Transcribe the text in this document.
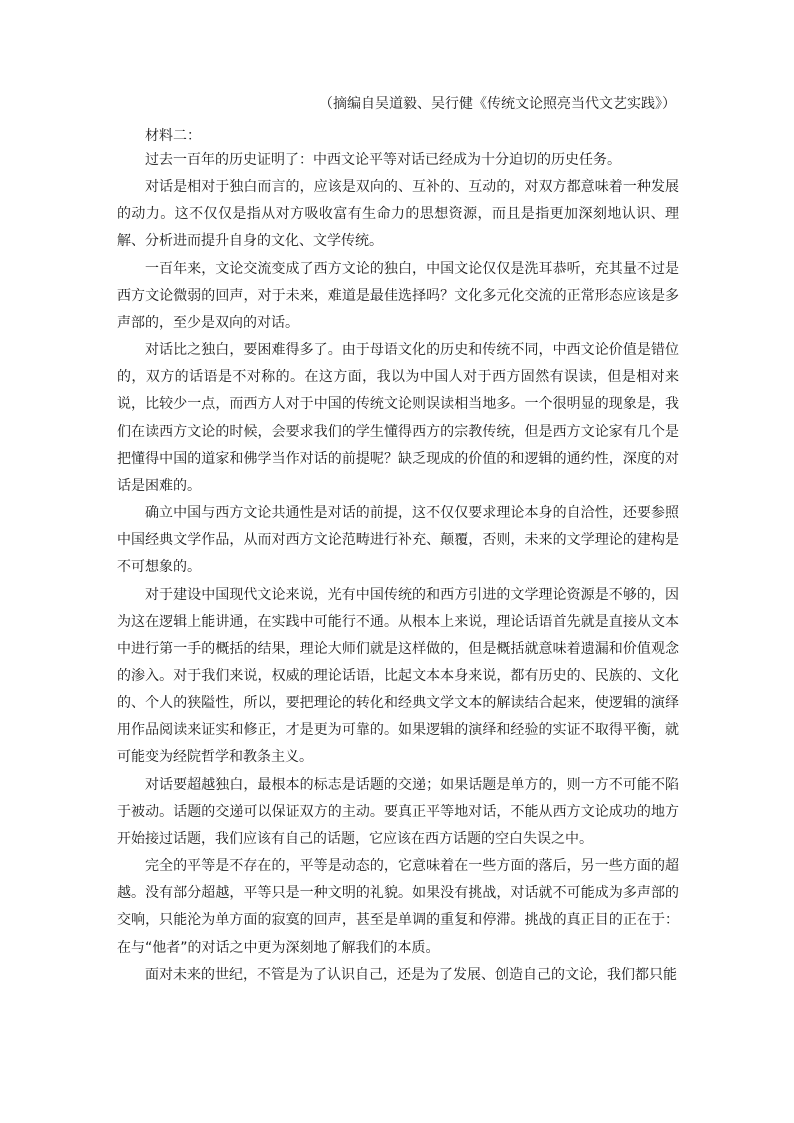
（摘编自吴道毅、吴行健《传统文论照亮当代文艺实践》）
材料二：

过去一百年的历史证明了：中西文论平等对话已经成为十分迫切的历史任务。

对话是相对于独白而言的，应该是双向的、互补的、互动的，对双方都意味着一种发展的动力。这不仅仅是指从对方吸收富有生命力的思想资源，而且是指更加深刻地认识、理解、分析进而提升自身的文化、文学传统。

一百年来，文论交流变成了西方文论的独白，中国文论仅仅是洗耳恭听，充其量不过是西方文论微弱的回声，对于未来，难道是最佳选择吗？文化多元化交流的正常形态应该是多声部的，至少是双向的对话。

对话比之独白，要困难得多了。由于母语文化的历史和传统不同，中西文论价值是错位的，双方的话语是不对称的。在这方面，我以为中国人对于西方固然有误读，但是相对来说，比较少一点，而西方人对于中国的传统文论则误读相当地多。一个很明显的现象是，我们在读西方文论的时候，会要求我们的学生懂得西方的宗教传统，但是西方文论家有几个是把懂得中国的道家和佛学当作对话的前提呢？缺乏现成的价值的和逻辑的通约性，深度的对话是困难的。

确立中国与西方文论共通性是对话的前提，这不仅仅要求理论本身的自洽性，还要参照中国经典文学作品，从而对西方文论范畴进行补充、颠覆，否则，未来的文学理论的建构是不可想象的。

对于建设中国现代文论来说，光有中国传统的和西方引进的文学理论资源是不够的，因为这在逻辑上能讲通，在实践中可能行不通。从根本上来说，理论话语首先就是直接从文本中进行第一手的概括的结果，理论大师们就是这样做的，但是概括就意味着遗漏和价值观念的渗入。对于我们来说，权威的理论话语，比起文本本身来说，都有历史的、民族的、文化的、个人的狭隘性，所以，要把理论的转化和经典文学文本的解读结合起来，使逻辑的演绎用作品阅读来证实和修正，才是更为可靠的。如果逻辑的演绎和经验的实证不取得平衡，就可能变为经院哲学和教条主义。

对话要超越独白，最根本的标志是话题的交递；如果话题是单方的，则一方不可能不陷于被动。话题的交递可以保证双方的主动。要真正平等地对话，不能从西方文论成功的地方开始接过话题，我们应该有自己的话题，它应该在西方话题的空白失误之中。

完全的平等是不存在的，平等是动态的，它意味着在一些方面的落后，另一些方面的超越。没有部分超越，平等只是一种文明的礼貌。如果没有挑战，对话就不可能成为多声部的交响，只能沦为单方面的寂寞的回声，甚至是单调的重复和停滞。挑战的真正目的正在于：在与“他者”的对话之中更为深刻地了解我们的本质。

面对未来的世纪，不管是为了认识自己，还是为了发展、创造自己的文论，我们都只能
